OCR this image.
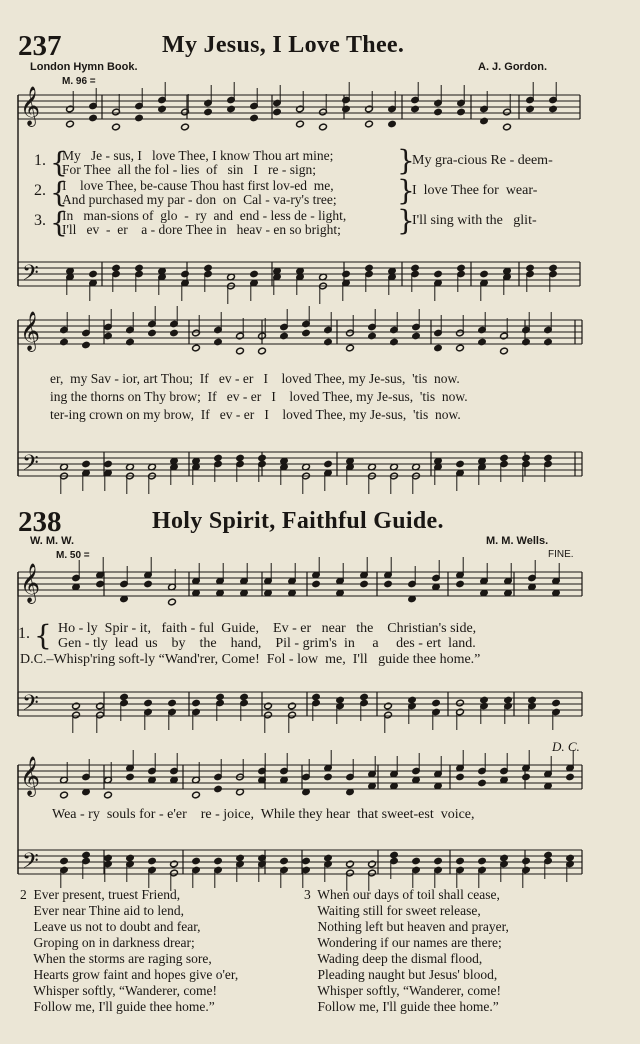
237	My Jesus, I Love Thee.
London Hymn Book.	A. J. Gordon.
M. 96 =
𝄞
𝄢
𝄞
𝄢
𝄞
𝄢
𝄞
𝄢
1. {
My   Je - sus, I   love Thee, I know Thou art mine;
For Thee  all the fol - lies  of   sin   I   re - sign;
2. {
I    love Thee, be-cause Thou hast first lov-ed  me,
And purchased my par - don  on  Cal - va-ry's tree;
3. {
In   man-sions of  glo  -  ry  and  end - less de - light,
I'll   ev  -  er    a - dore Thee in   heav - en so bright;
}
}
}
My gra-cious Re - deem-
I  love Thee for  wear-
I'll sing with the   glit-
er,  my Sav - ior, art Thou;  If   ev - er   I    loved Thee, my Je-sus,  'tis  now.
ing the thorns on Thy brow;  If   ev - er   I    loved Thee, my Je-sus,  'tis  now.
ter-ing crown on my brow,  If   ev - er   I    loved Thee, my Je-sus,  'tis  now.
238	Holy Spirit, Faithful Guide.
W. M. W.	M. M. Wells.
M. 50 =	FINE.
1. { Ho - ly  Spir - it,   faith - ful  Guide,    Ev - er   near   the    Christian's side,
Gen - tly  lead  us    by    the    hand,    Pil - grim's  in     a     des - ert  land.
D.C.–Whisp'ring soft-ly “Wand'rer, Come!  Fol - low  me,  I'll   guide thee home.”
D. C.
Wea - ry  souls for - e'er    re - joice,  While they hear  that sweet-est  voice,
2  Ever present, truest Friend,
Ever near Thine aid to lend,
Leave us not to doubt and fear,
Groping on in darkness drear;
When the storms are raging sore,
Hearts grow faint and hopes give o'er,
Whisper softly, “Wanderer, come!
Follow me, I'll guide thee home.”
3  When our days of toil shall cease,
Waiting still for sweet release,
Nothing left but heaven and prayer,
Wondering if our names are there;
Wading deep the dismal flood,
Pleading naught but Jesus' blood,
Whisper softly, “Wanderer, come!
Follow me, I'll guide thee home.”
